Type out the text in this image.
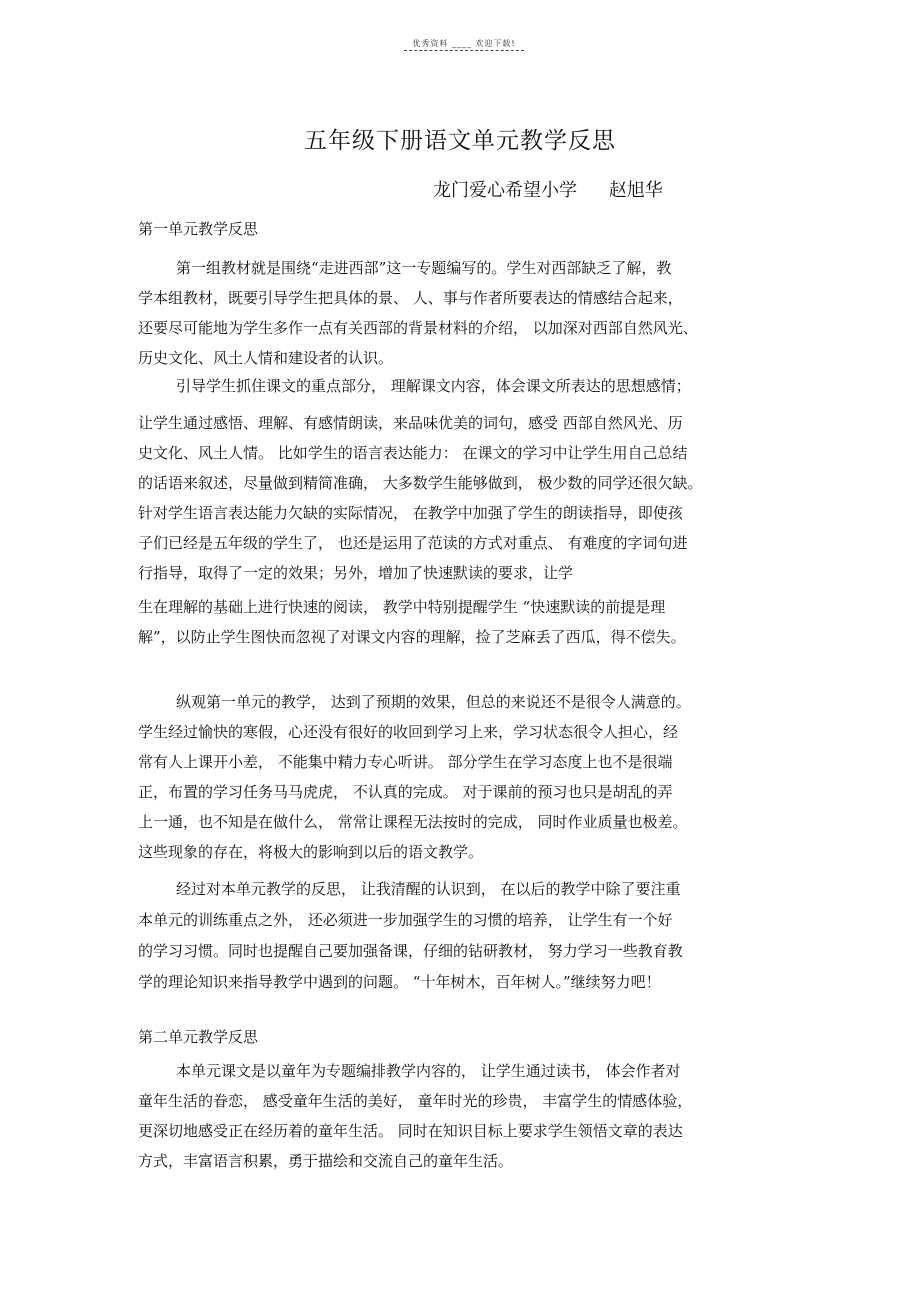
优秀资料 ____ 欢迎下载!
五年级下册语文单元教学反思
龙门爱心希望小学 赵旭华
第一单元教学反思
第一组教材就是围绕“走进西部”这一专题编写的。学生对西部缺乏了解，教
学本组教材，既要引导学生把具体的景、 人、事与作者所要表达的情感结合起来，
还要尽可能地为学生多作一点有关西部的背景材料的介绍， 以加深对西部自然风光、
历史文化、风土人情和建设者的认识。
引导学生抓住课文的重点部分， 理解课文内容，体会课文所表达的思想感情；
让学生通过感悟、理解、有感情朗读，来品味优美的词句，感受 西部自然风光、历
史文化、风土人情。 比如学生的语言表达能力： 在课文的学习中让学生用自己总结
的话语来叙述，尽量做到精简准确， 大多数学生能够做到， 极少数的同学还很欠缺。
针对学生语言表达能力欠缺的实际情况， 在教学中加强了学生的朗读指导，即使孩
子们已经是五年级的学生了， 也还是运用了范读的方式对重点、 有难度的字词句进
行指导，取得了一定的效果；另外，增加了快速默读的要求，让学
生在理解的基础上进行快速的阅读， 教学中特别提醒学生 “快速默读的前提是理
解”，以防止学生图快而忽视了对课文内容的理解，捡了芝麻丢了西瓜，得不偿失。
纵观第一单元的教学， 达到了预期的效果，但总的来说还不是很令人满意的。
学生经过愉快的寒假，心还没有很好的收回到学习上来，学习状态很令人担心，经
常有人上课开小差， 不能集中精力专心听讲。 部分学生在学习态度上也不是很端
正，布置的学习任务马马虎虎， 不认真的完成。 对于课前的预习也只是胡乱的弄
上一通，也不知是在做什么， 常常让课程无法按时的完成， 同时作业质量也极差。
这些现象的存在，将极大的影响到以后的语文教学。
经过对本单元教学的反思， 让我清醒的认识到， 在以后的教学中除了要注重
本单元的训练重点之外， 还必须进一步加强学生的习惯的培养， 让学生有一个好
的学习习惯。同时也提醒自己要加强备课，仔细的钻研教材， 努力学习一些教育教
学的理论知识来指导教学中遇到的问题。 “十年树木，百年树人。”继续努力吧！
第二单元教学反思
本单元课文是以童年为专题编排教学内容的， 让学生通过读书， 体会作者对
童年生活的眷恋， 感受童年生活的美好， 童年时光的珍贵， 丰富学生的情感体验，
更深切地感受正在经历着的童年生活。 同时在知识目标上要求学生领悟文章的表达
方式，丰富语言积累，勇于描绘和交流自己的童年生活。
